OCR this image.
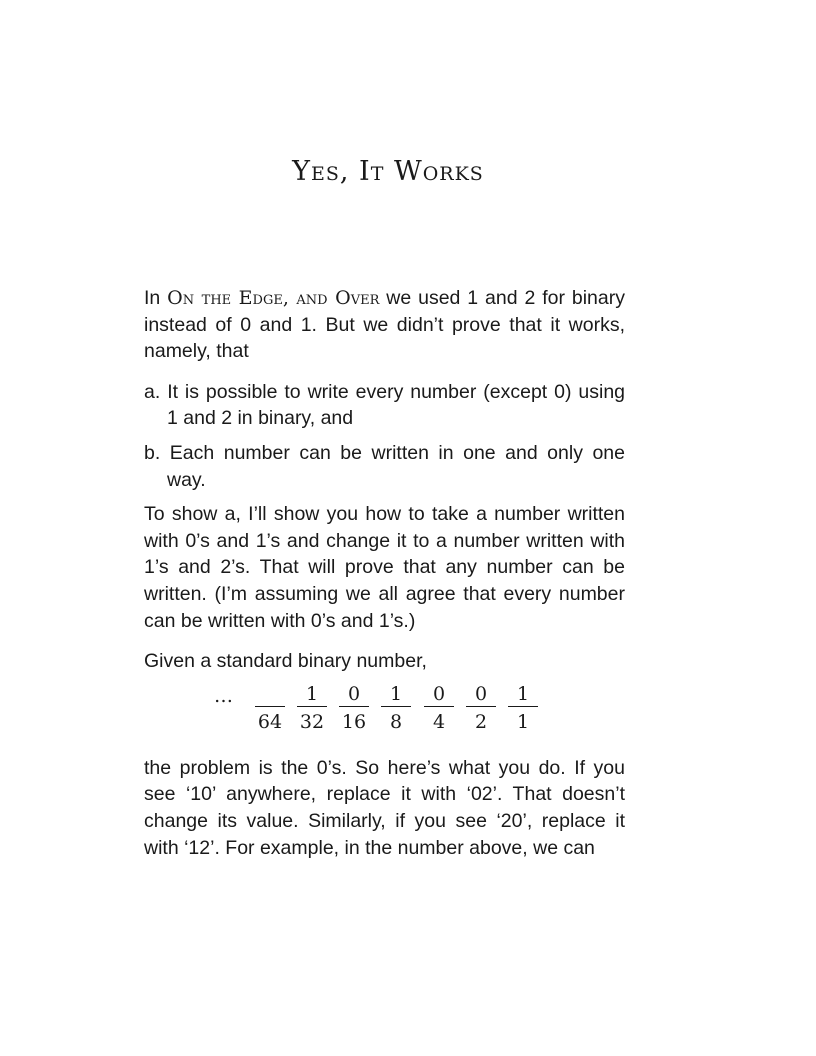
Yes, It Works

In On the Edge, and Over we used 1 and 2 for binary instead of 0 and 1. But we didn’t prove that it works, namely, that

a. It is possible to write every number (except 0) using
1 and 2 in binary, and
b. Each number can be written in one and only one
way.

To show a, I’ll show you how to take a number written with 0’s and 1’s and change it to a number written with 1’s and 2’s. That will prove that any number can be written. (I’m assuming we all agree that every number can be written with 0’s and 1’s.)

Given a standard binary number,

…
64
1
32
0
16
1
8
0
4
0
2
1
1

the problem is the 0’s. So here’s what you do. If you see ‘10’ anywhere, replace it with ‘02’. That doesn’t change its value. Similarly, if you see ‘20’, replace it with ‘12’. For example, in the number above, we can
